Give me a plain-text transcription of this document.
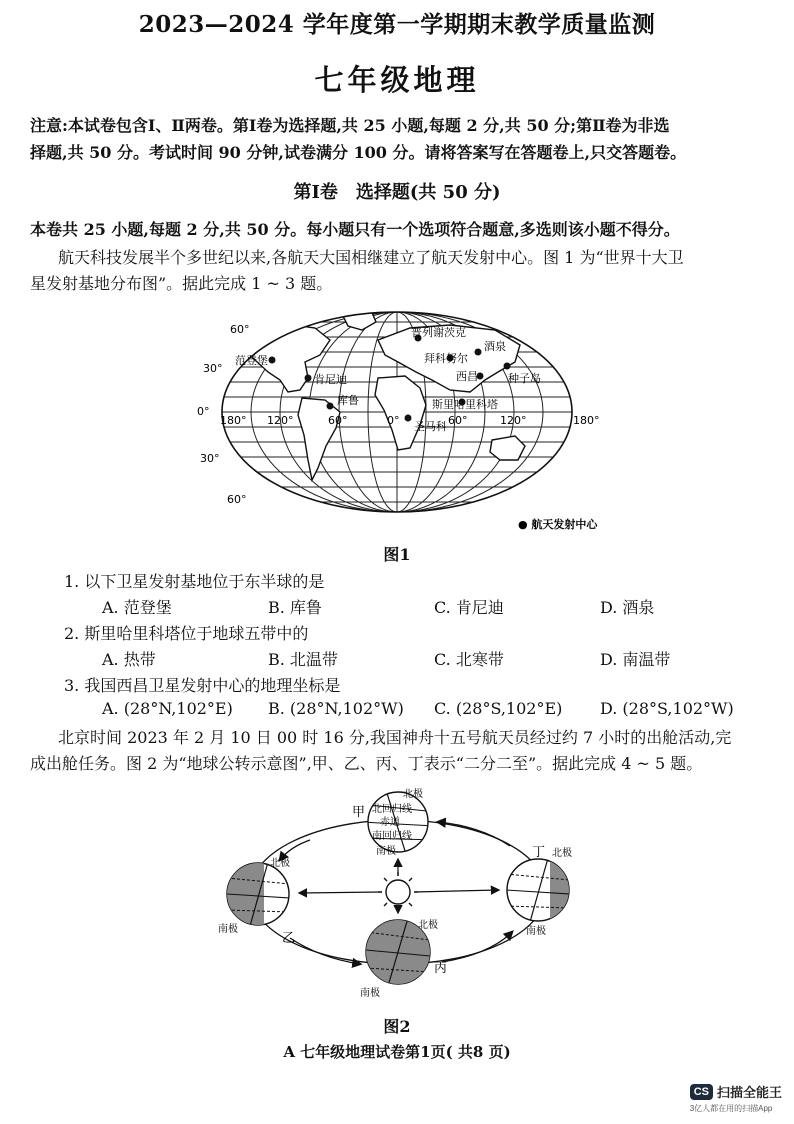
2023—2024 学年度第一学期期末教学质量监测
七年级地理
注意:本试卷包含Ⅰ、Ⅱ两卷。第Ⅰ卷为选择题,共 25 小题,每题 2 分,共 50 分;第Ⅱ卷为非选
择题,共 50 分。考试时间 90 分钟,试卷满分 100 分。请将答案写在答题卷上,只交答题卷。
第Ⅰ卷　选择题(共 50 分)
本卷共 25 小题,每题 2 分,共 50 分。每小题只有一个选项符合题意,多选则该小题不得分。
航天科技发展半个多世纪以来,各航天大国相继建立了航天发射中心。图 1 为“世界十大卫
星发射基地分布图”。据此完成 1 ~ 3 题。
60°
30°
0°
30°
60°
180° 120°	60°	0°	60°	120°	180°
范登堡
肯尼迪
库鲁
普列谢茨克
拜科努尔
酒泉
西昌	种子岛
斯里哈里科塔
圣马科
● 航天发射中心
图1
1. 以下卫星发射基地位于东半球的是
A. 范登堡	B. 库鲁	C. 肯尼迪	D. 酒泉
2. 斯里哈里科塔位于地球五带中的
A. 热带	B. 北温带	C. 北寒带	D. 南温带
3. 我国西昌卫星发射中心的地理坐标是
A. (28°N,102°E) B. (28°N,102°W) C. (28°S,102°E) D. (28°S,102°W)
北京时间 2023 年 2 月 10 日 00 时 16 分,我国神舟十五号航天员经过约 7 小时的出舱活动,完
成出舱任务。图 2 为“地球公转示意图”,甲、乙、丙、丁表示“二分二至”。据此完成 4 ~ 5 题。
北极
北回归线
赤道
南回归线
南极
甲
北极
南极
乙
北极
南极
丁
北极
南极
丙
图2
A 七年级地理试卷第1页( 共8 页)
CS 扫描全能王
3亿人都在用的扫描App
